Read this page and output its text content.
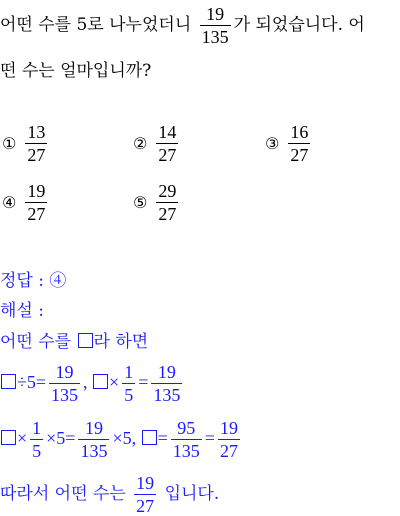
어떤 수를 5로 나누었더니 $\frac{19}{135}$ 가 되었습니다. 어
떤 수는 얼마입니까?
① $\frac{13}{27}$	② $\frac{14}{27}$	③ $\frac{16}{27}$
④ $\frac{19}{27}$	⑤ $\frac{29}{27}$
정답 : ④
해설 :
어떤 수를 라 하면
$\div 5= \frac{19}{135}$ , × $\frac{1}{5} = \frac{19}{135}$
× $\frac{1}{5} \times 5= \frac{19}{135} \times 5$, = $\frac{95}{135} = \frac{19}{27}$
따라서 어떤 수는 $\frac{19}{27}$ 입니다.
